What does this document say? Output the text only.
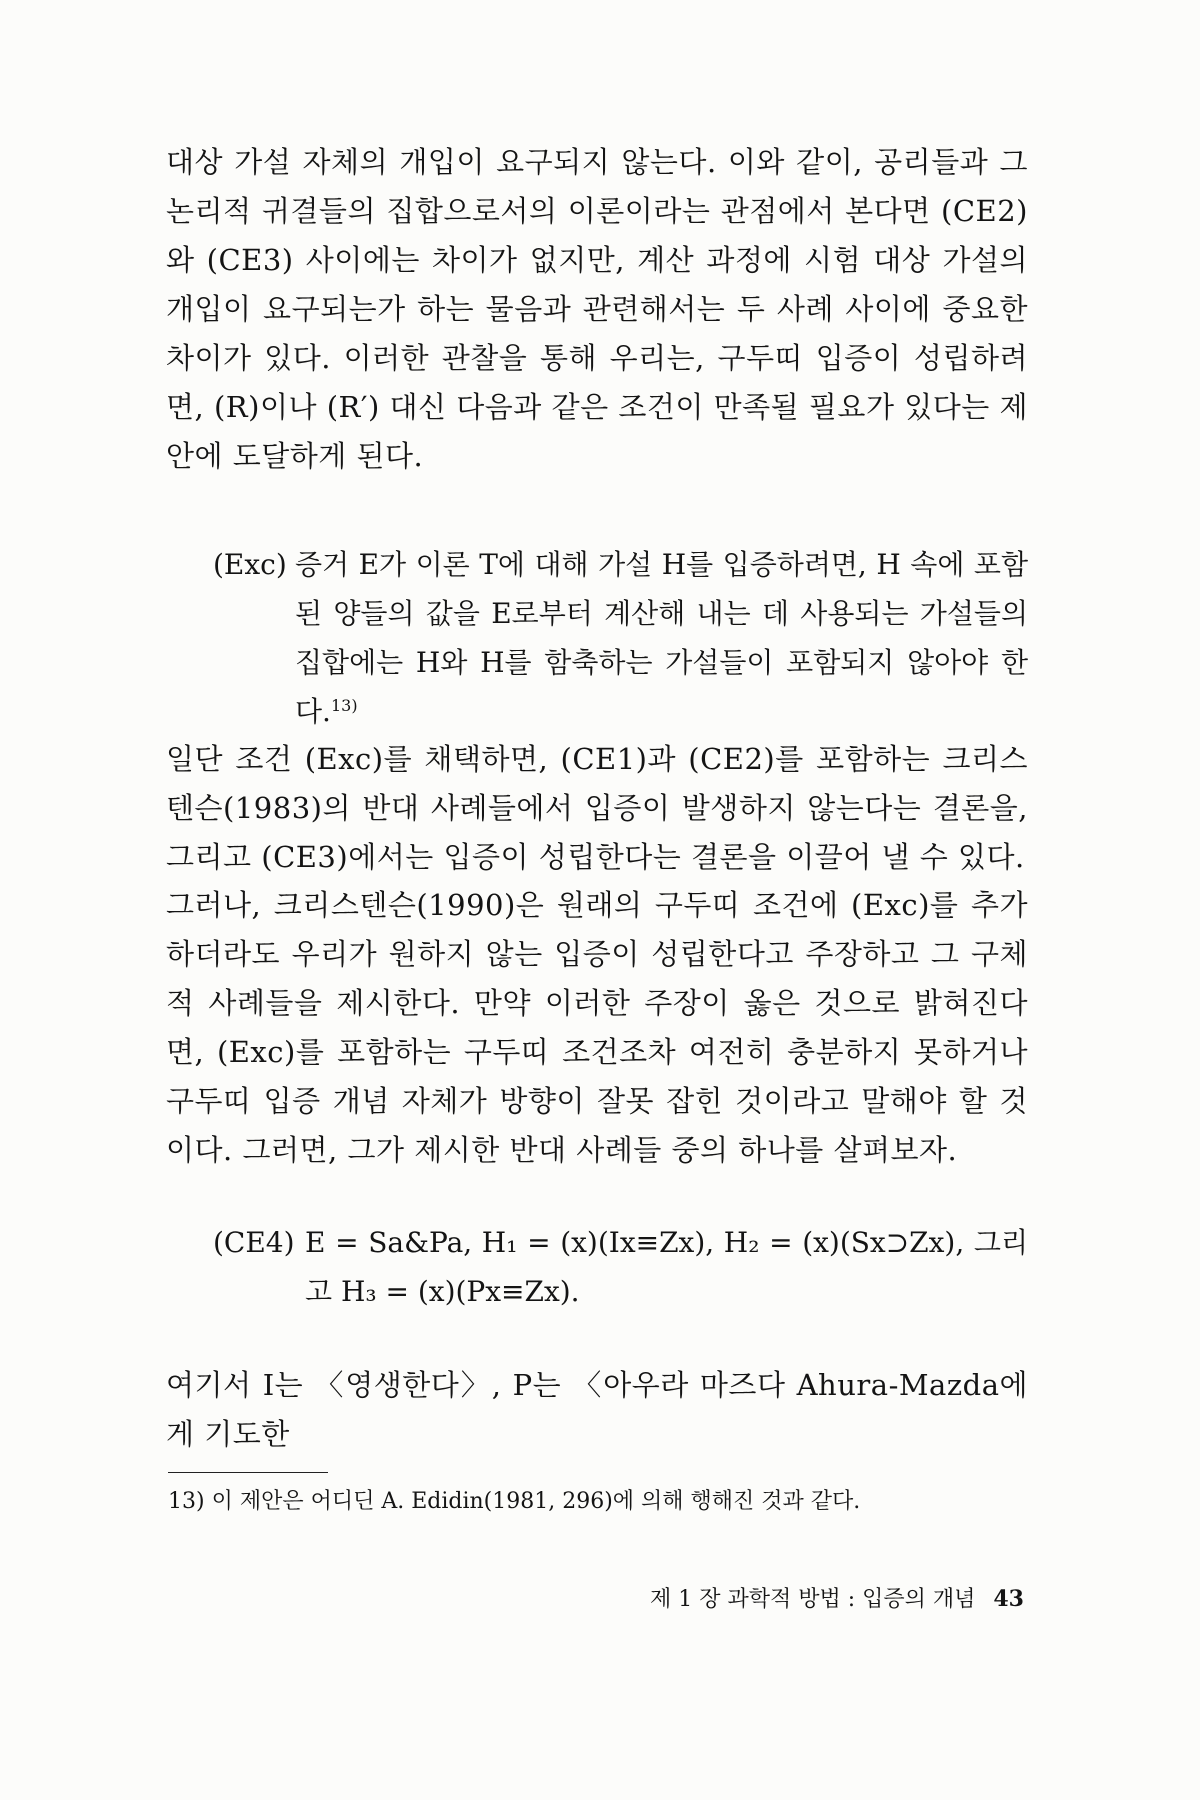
대상 가설 자체의 개입이 요구되지 않는다. 이와 같이, 공리들과 그 논리적 귀결들의 집합으로서의 이론이라는 관점에서 본다면 (CE2)와 (CE3) 사이에는 차이가 없지만, 계산 과정에 시험 대상 가설의 개입이 요구되는가 하는 물음과 관련해서는 두 사례 사이에 중요한 차이가 있다. 이러한 관찰을 통해 우리는, 구두띠 입증이 성립하려면, (R)이나 (R′) 대신 다음과 같은 조건이 만족될 필요가 있다는 제안에 도달하게 된다.

(Exc) 증거 E가 이론 T에 대해 가설 H를 입증하려면, H 속에 포함된 양들의 값을 E로부터 계산해 내는 데 사용되는 가설들의 집합에는 H와 H를 함축하는 가설들이 포함되지 않아야 한다.$^{13)}$

일단 조건 (Exc)를 채택하면, (CE1)과 (CE2)를 포함하는 크리스텐슨(1983)의 반대 사례들에서 입증이 발생하지 않는다는 결론을, 그리고 (CE3)에서는 입증이 성립한다는 결론을 이끌어 낼 수 있다.

그러나, 크리스텐슨(1990)은 원래의 구두띠 조건에 (Exc)를 추가하더라도 우리가 원하지 않는 입증이 성립한다고 주장하고 그 구체적 사례들을 제시한다. 만약 이러한 주장이 옳은 것으로 밝혀진다면, (Exc)를 포함하는 구두띠 조건조차 여전히 충분하지 못하거나 구두띠 입증 개념 자체가 방향이 잘못 잡힌 것이라고 말해야 할 것이다. 그러면, 그가 제시한 반대 사례들 중의 하나를 살펴보자.

(CE4) E = Sa&Pa, H₁ = (x)(Ix≡Zx), H₂ = (x)(Sx⊃Zx), 그리고 H₃ = (x)(Px≡Zx).

여기서 I는 〈영생한다〉, P는 〈아우라 마즈다 Ahura-Mazda에게 기도한

13) 이 제안은 어디딘 A. Edidin(1981, 296)에 의해 행해진 것과 같다.

제 1 장 과학적 방법 : 입증의 개념 43
